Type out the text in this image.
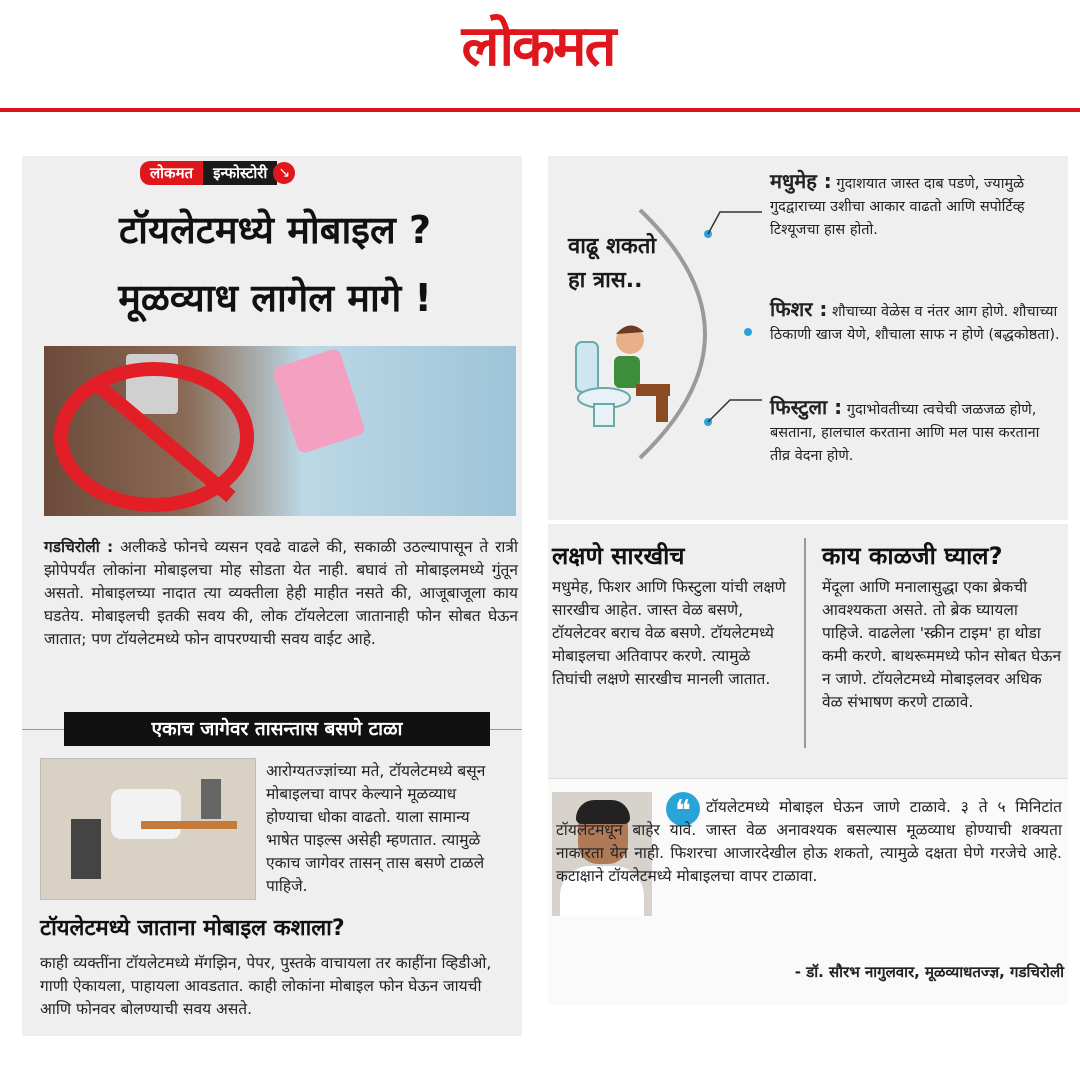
लोकमत
लोकमत	इन्फोस्टोरी ↘
टॉयलेटमध्ये मोबाइल ?
मूळव्याध लागेल मागे !
गडचिरोली : अलीकडे फोनचे व्यसन एवढे वाढले की, सकाळी उठल्यापासून ते रात्री झोपेपर्यंत लोकांना मोबाइलचा मोह सोडता येत नाही. बघावं तो मोबाइलमध्ये गुंतून असतो. मोबाइलच्या नादात त्या व्यक्तीला हेही माहीत नसते की, आजूबाजूला काय घडतेय. मोबाइलची इतकी सवय की, लोक टॉयलेटला जातानाही फोन सोबत घेऊन जातात; पण टॉयलेटमध्ये फोन वापरण्याची सवय वाईट आहे.
एकाच जागेवर तासन्तास बसणे टाळा
आरोग्यतज्ज्ञांच्या मते, टॉयलेटमध्ये बसून मोबाइलचा वापर केल्याने मूळव्याध होण्याचा धोका वाढतो. याला सामान्य भाषेत पाइल्स असेही म्हणतात. त्यामुळे एकाच जागेवर तासन् तास बसणे टाळले पाहिजे.
टॉयलेटमध्ये जाताना मोबाइल कशाला?
काही व्यक्तींना टॉयलेटमध्ये मॅगझिन, पेपर, पुस्तके वाचायला तर काहींना व्हिडीओ, गाणी ऐकायला, पाहायला आवडतात. काही लोकांना मोबाइल फोन घेऊन जायची आणि फोनवर बोलण्याची सवय असते.
वाढू शकतो
हा त्रास..
मधुमेह : गुदाशयात जास्त दाब पडणे, ज्यामुळे गुदद्वाराच्या उशीचा आकार वाढतो आणि सपोर्टिव्ह टिश्यूजचा हास होतो.
फिशर : शौचाच्या वेळेस व नंतर आग होणे. शौचाच्या ठिकाणी खाज येणे, शौचाला साफ न होणे (बद्धकोष्ठता).
फिस्टुला : गुदाभोवतीच्या त्वचेची जळजळ होणे, बसताना, हालचाल करताना आणि मल पास करताना तीव्र वेदना होणे.
लक्षणे सारखीच
मधुमेह, फिशर आणि फिस्टुला यांची लक्षणे सारखीच आहेत. जास्त वेळ बसणे, टॉयलेटवर बराच वेळ बसणे. टॉयलेटमध्ये मोबाइलचा अतिवापर करणे. त्यामुळे तिघांची लक्षणे सारखीच मानली जातात.
काय काळजी घ्याल?
मेंदूला आणि मनालासुद्धा एका ब्रेकची आवश्यकता असते. तो ब्रेक घ्यायला पाहिजे. वाढलेला 'स्क्रीन टाइम' हा थोडा कमी करणे. बाथरूममध्ये फोन सोबत घेऊन न जाणे. टॉयलेटमध्ये मोबाइलवर अधिक वेळ संभाषण करणे टाळावे.
❝ टॉयलेटमध्ये मोबाइल घेऊन जाणे टाळावे. ३ ते ५ मिनिटांत टॉयलेटमधून बाहेर यावे. जास्त वेळ अनावश्यक बसल्यास मूळव्याध होण्याची शक्यता नाकारता येत नाही. फिशरचा आजारदेखील होऊ शकतो, त्यामुळे दक्षता घेणे गरजेचे आहे. कटाक्षाने टॉयलेटमध्ये मोबाइलचा वापर टाळावा.
- डॉ. सौरभ नागुलवार, मूळव्याधतज्ज्ञ, गडचिरोली
